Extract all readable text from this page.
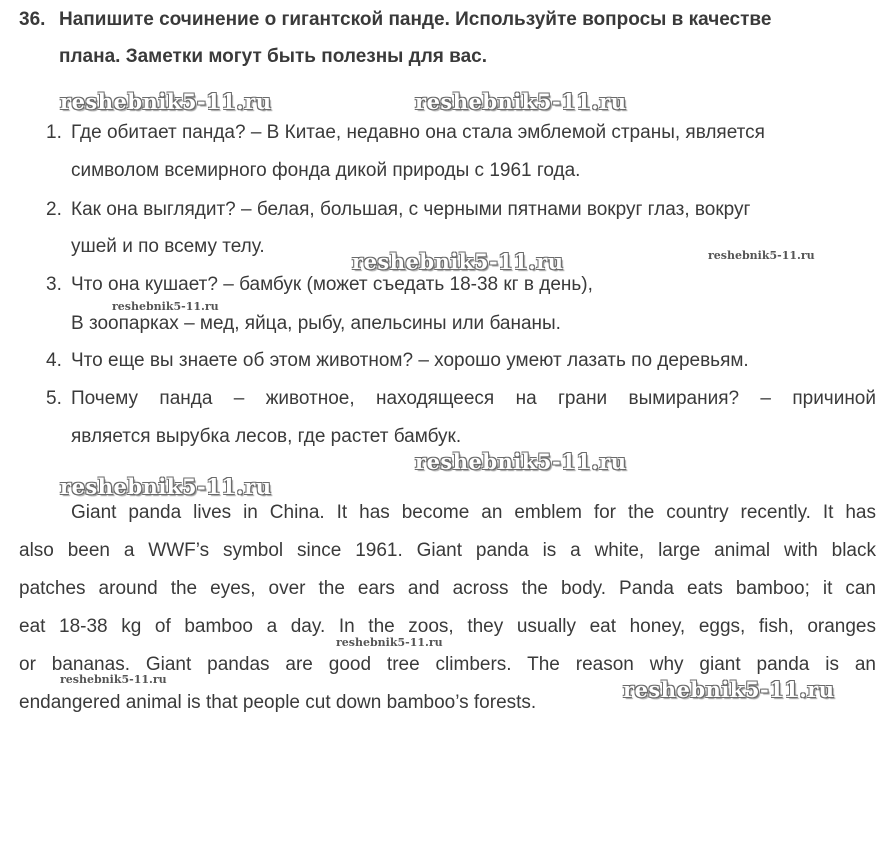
36. Напишите сочинение о гигантской панде. Используйте вопросы в качестве
плана. Заметки могут быть полезны для вас.
reshebnik5-11.ru	reshebnik5-11.ru
reshebnik5-11.ru	reshebnik5-11.ru
reshebnik5-11.ru
reshebnik5-11.ru
reshebnik5-11.ru
reshebnik5-11.ru
reshebnik5-11.ru	reshebnik5-11.ru
1. Где обитает панда? – В Китае, недавно она стала эмблемой страны, является
символом всемирного фонда дикой природы с 1961 года.
2. Как она выглядит? – белая, большая, с черными пятнами вокруг глаз, вокруг
ушей и по всему телу.
3. Что она кушает? – бамбук (может съедать 18-38 кг в день),
В зоопарках – мед, яйца, рыбу, апельсины или бананы.
4. Что еще вы знаете об этом животном? – хорошо умеют лазать по деревьям.
5. Почему панда – животное, находящееся на грани вымирания? – причиной
является вырубка лесов, где растет бамбук.
Giant panda lives in China. It has become an emblem for the country recently. It has
also been a WWF’s symbol since 1961. Giant panda is a white, large animal with black
patches around the eyes, over the ears and across the body. Panda eats bamboo; it can
eat 18-38 kg of bamboo a day. In the zoos, they usually eat honey, eggs, fish, oranges
or bananas. Giant pandas are good tree climbers. The reason why giant panda is an
endangered animal is that people cut down bamboo’s forests.
